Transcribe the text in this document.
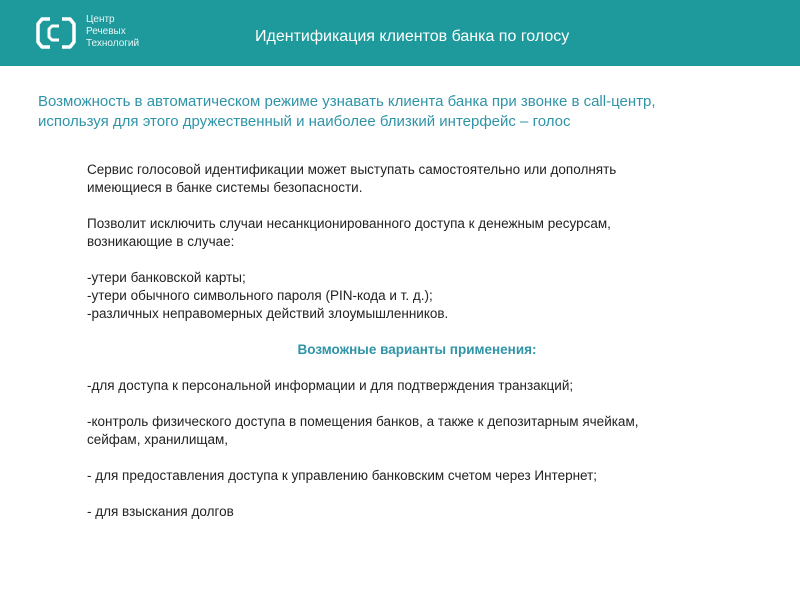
Центр
Речевых
Технологий	Идентификация клиентов банка по голосу
Возможность в автоматическом режиме узнавать клиента банка при звонке в call-центр,
используя для этого дружественный и наиболее близкий интерфейс – голос

Сервис голосовой идентификации может выступать самостоятельно или дополнять

имеющиеся в банке системы безопасности.

Позволит исключить случаи несанкционированного доступа к денежным ресурсам,

возникающие в случае:

-утери банковской карты;

-утери обычного символьного пароля (PIN-кода и т. д.);

-различных неправомерных действий злоумышленников.

Возможные варианты применения:

-для доступа к персональной информации и для подтверждения транзакций;

-контроль физического доступа в помещения банков, а также к депозитарным ячейкам,

сейфам, хранилищам,

- для предоставления доступа к управлению банковским счетом через Интернет;

- для взыскания долгов
